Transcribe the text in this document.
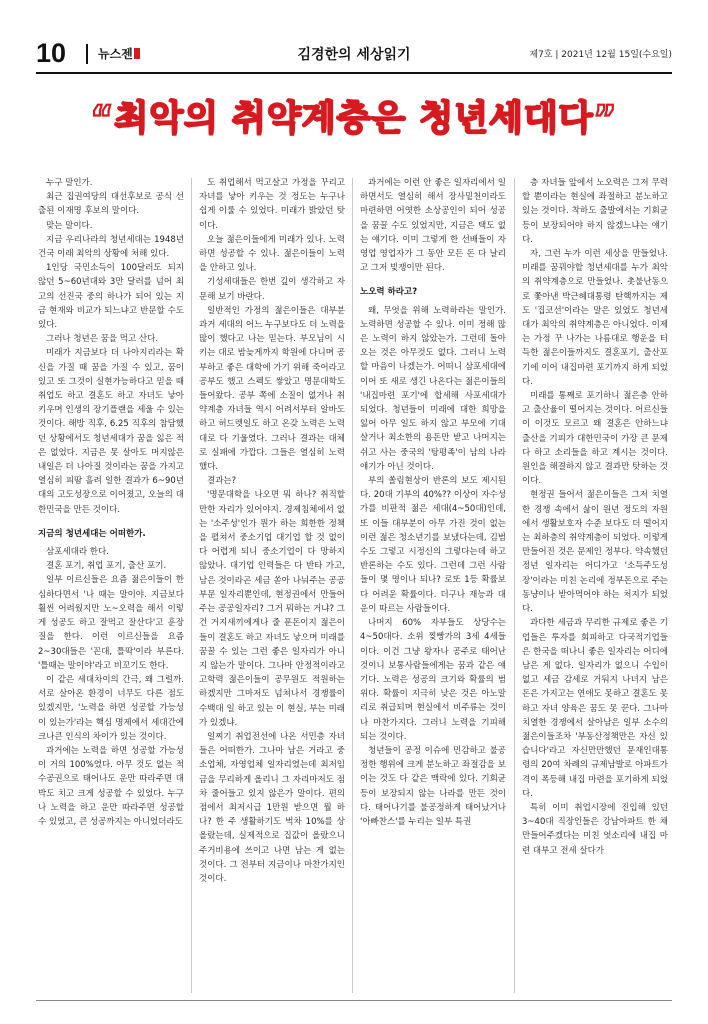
10	뉴스젠	김경한의 세상읽기	제7호 | 2021년 12월 15일(수요일)
“최악의 취약계층은 청년세대다”

누구 말인가.

최근 집권여당의 대선후보로 공식 선출된 이재명 후보의 말이다.

맞는 말이다.

지금 우리나라의 청년세대는 1948년 건국 이래 최악의 상황에 처해 있다.

1인당 국민소득이 100달러도 되지 않던 5~60년대와 3만 달러를 넘어 최고의 선진국 중의 하나가 되어 있는 지금 현재와 비교가 되느냐고 반문할 수도 있다.

그러나 청년은 꿈을 먹고 산다.

미래가 지금보다 더 나아지리라는 확신을 가질 때 꿈을 가질 수 있고, 꿈이 있고 또 그것이 실현가능하다고 믿을 때 취업도 하고 결혼도 하고 자녀도 낳아 키우며 인생의 장기플랜을 세울 수 있는 것이다. 해방 직후, 6.25 직후의 참담했던 상황에서도 청년세대가 꿈을 잃은 적은 없었다. 지금은 못 살아도 머지않은 내일은 더 나아질 것이라는 꿈을 가지고 열심히 피땀 흘려 일한 결과가 6~90년대의 고도성장으로 이어졌고, 오늘의 대한민국을 만든 것이다.

지금의 청년세대는 어떠한가.

삼포세대라 한다.

결혼 포기, 취업 포기, 출산 포기.

일부 이르신들은 요즘 젊은이들이 한심하다면서 '나 때는 말이야. 지금보다 훨씬 어려웠지만 노~오력을 해서 이렇게 성공도 하고 잘먹고 잘산다'고 훈장질을 한다. 이런 이르신들을 요즘 2~30대들은 '꼰대, 틀딱'이라 부른다. '틀때는 말이야'라고 비꼬기도 한다.

이 같은 세대차이의 간극, 왜 그럴까. 서로 살아온 환경이 너무도 다른 점도 있겠지만, '노력을 하면 성공할 가능성이 있는가'라는 핵심 명제에서 세대간에 크나큰 인식의 차이가 있는 것이다.

과거에는 노력을 하면 성공할 가능성이 거의 100%였다. 아무 것도 없는 적수공권으로 태어나도 운만 따라주면 대박도 치고 크게 성공할 수 있었다. 누구나 노력을 하고 운만 따라주면 성공할 수 있었고, 큰 성공까지는 아니었더라도

도 취업해서 먹고살고 가정을 꾸리고 자녀를 낳아 키우는 것 정도는 누구나 쉽게 이룰 수 있었다. 미래가 밝았던 탓이다.

오늘 젊은이들에게 미래가 있나. 노력하면 성공할 수 있나. 젊은이들이 노력을 안하고 있나.

기성세대들은 한번 깊이 생각하고 자문해 보기 바란다.

일반적인 가정의 젊은이들은 대부분 과거 세대의 어느 누구보다도 더 노력을 많이 했다고 나는 믿는다. 부모님이 시키는 대로 밤늦게까지 학원에 다니며 공부하고 좋은 대학에 가기 위해 죽어라고 공부도 했고 스펙도 쌓았고 명문대학도 들어왔다. 공부 쪽에 소질이 없거나 취약계층 자녀들 역시 어려서부터 알바도 하고 허드렛일도 하고 온갖 노력은 노력대로 다 기울였다. 그러나 결과는 대체로 실패에 가깝다. 그들은 열심히 노력했다.

결과는?

'명문대학을 나오면 뭐 하나? 취직할만한 자리가 있어야지. 경제침체에서 없는 '소주성'인가 뭔가 하는 희한한 정책을 펼쳐서 중소기업 대기업 할 것 없이 다 어렵게 되니 중소기업이 다 망하지 않았나. 대기업 인력들은 다 반타 가고, 남은 것이라곤 세금 쏟아 나눠주는 공공부문 일자리뿐인데, 현정권에서 만들어주는 공공일자리? 그거 뭐하는 거냐? 그건 거지새끼에게나 줄 푼돈이지 젊은이들이 결혼도 하고 자녀도 낳으며 미래를 꿈꿀 수 있는 그런 좋은 일자리가 아니지 않는가 말이다. 그나마 안정적이라고 고학력 젊은이들이 공무원도 적원하는 하겠지만 그마저도 넘쳐나서 경쟁률이 수백대 일 하고 있는 이 현실, 부는 미래가 있겠냐.

일찌기 취업전선에 나온 서민층 자녀들은 어떠한가. 그나마 남은 거라고 중소업체, 자영업체 일자리였는데 최저임금을 무리하게 올리니 그 자리마저도 점차 줄어들고 있지 않은가 말이다. 편의점에서 최저시급 1만원 받으면 뭘 하나? 한 주 생활하기도 벅차 10%를 상 올랐는데, 실제적으로 집값이 올랐으니 주거비용에 쓰이고 나면 남는 게 없는 것이다. 그 전부터 지금이나 마찬가지인 것이다.

과거에는 이런 안 좋은 일자리에서 일하면서도 열심히 해서 장사밑천이라도 마련하면 어엿한 소상공인이 되어 성공을 꿈꿀 수도 있었지만, 지금은 택도 없는 얘기다. 이미 그렇게 한 선배들이 자영업 영업자가 그 동안 모든 돈 다 날리고 그저 빚쟁이만 된다.

노오력 하라고?

왜, 무엇을 위해 노력하라는 말인가. 노력하면 성공할 수 있나. 이미 정해 많은 노력이 하지 않았는가. 그런데 돌아오는 것은 아무것도 없다. 그러니 노력할 마음이 나겠는가. 어떠니 삼포세대에 이어 또 새로 생긴 나온다는 젊은이들의 '내집마련 포기'에 합세해 사포세대가 되었다. 청년들이 미래에 대한 희망을 잃어 아무 일도 하지 않고 부모에 기대 살거나 최소한의 용돈만 받고 나머지는 쉬고 사는 중국의 '탕평족'이 남의 나라 얘기가 아닌 것이다.

부의 쏠림현상이 반론의 보도 제시된다. 20대 기부의 40%?? 이상이 자수성가를 비판적 젊은 세대(4~50대)인데, 또 이들 대부분이 아무 가진 것이 없는 이런 젊은 청소년기를 보냈다는데, 김범수도 그렇고 시정신의 그렇다는데 하고 반론하는 수도 있다. 그런데 그런 사람들이 몇 명이나 되나? 로또 1등 확률보다 어려운 확률이다. 더구나 재능과 대운이 따르는 사람들이다.

나머지 60% 자부들도 상당수는 4~50대다. 소위 찢빵가의 3세 4세들이다. 이건 그냥 왕자나 공주로 태어난 것이니 보통사람들에게는 꿈과 같은 얘기다. 노력은 성공의 크기와 확률의 범위다. 확률이 지극히 낮은 것은 아노말리로 취급되며 현실에서 비주류는 것이나 마찬가지다. 그러니 노력을 기피해 되는 것이다.

청년들이 공정 이슈에 민감하고 불공정한 행위에 크게 분노하고 좌절감을 보이는 것도 다 같은 맥락에 있다. 기회균등이 보장되지 않는 나라를 만든 것이다. 태어나기를 불공정하게 태어났거나 '아빠찬스'를 누리는 일부 특권

층 자녀들 앞에서 노오력은 그저 무력할 뿐이라는 현실에 좌절하고 분노하고 있는 것이다. 착하도 출발에서는 기회균등이 보장되어야 하지 않겠느냐는 얘기다.

자, 그런 누가 이런 세상을 만들었나. 미래를 꿈꿔야할 청년세대를 누가 최악의 취약계층으로 만들었나. 촛불난동으로 쫓아낸 박근혜대통령 탄핵까지는 제도 '집코선'이라는 말은 있었도 청년세대가 최악의 취약계층은 아니었다. 이제는 가정 꾸 나가는 나름대로 행운을 터득한 젊은이들까지도 결혼포기, 출산포기에 이어 내집마련 포기까지 하게 되었다.

미래를 통째로 포기하니 젊은층 안하고 출산율이 떨어지는 것이다. 어르신들이 이것도 모르고 왜 결혼은 안하느냐 출산을 기피가 대한민국이 가장 큰 문제다 하고 소리들을 하고 계시는 것이다. 원인을 해결하지 않고 결과만 탓하는 것이다.

현정권 들어서 젊은이들은 그저 치열한 경쟁 속에서 삶이 원년 정도의 자원에서 생활보호자 수준 보다도 더 떨어지는 최하층의 취약계층이 되었다. 이렇게 만들어진 것은 문제인 정부다. 약속했던 정년 일자리는 어디가고 '소득주도성장'이라는 미친 논리에 정부돈으로 주는 동냥이나 받아먹어야 하는 처지가 되었다.

과다한 세금과 무리한 규제로 좋은 기업들은 투자를 회피하고 다국적기업들은 한국을 떠나니 좋은 일자리는 어디에 남은 게 없다. 일자리가 없으니 수입이 없고 세금 감세로 거둬지 나녀지 남은 돈은 가지고는 연애도 못하고 결혼도 못하고 자녀 양육은 꿈도 못 꾼다. 그나마 치열한 경쟁에서 살아남은 일부 소수의 젊은이들조차 '부동산정책만은 자신 있습니다'라고 자신만만했던 문재인대통령의 20여 차례의 규제남발로 아파트가격이 폭등해 내집 마련을 포기하게 되었다.

특히 이미 취업시장에 진입해 있던 3~40대 직장인들은 강남아파트 한 채 만들어주겠다는 미친 엇소리에 내집 마련 대부고 전세 살다가
